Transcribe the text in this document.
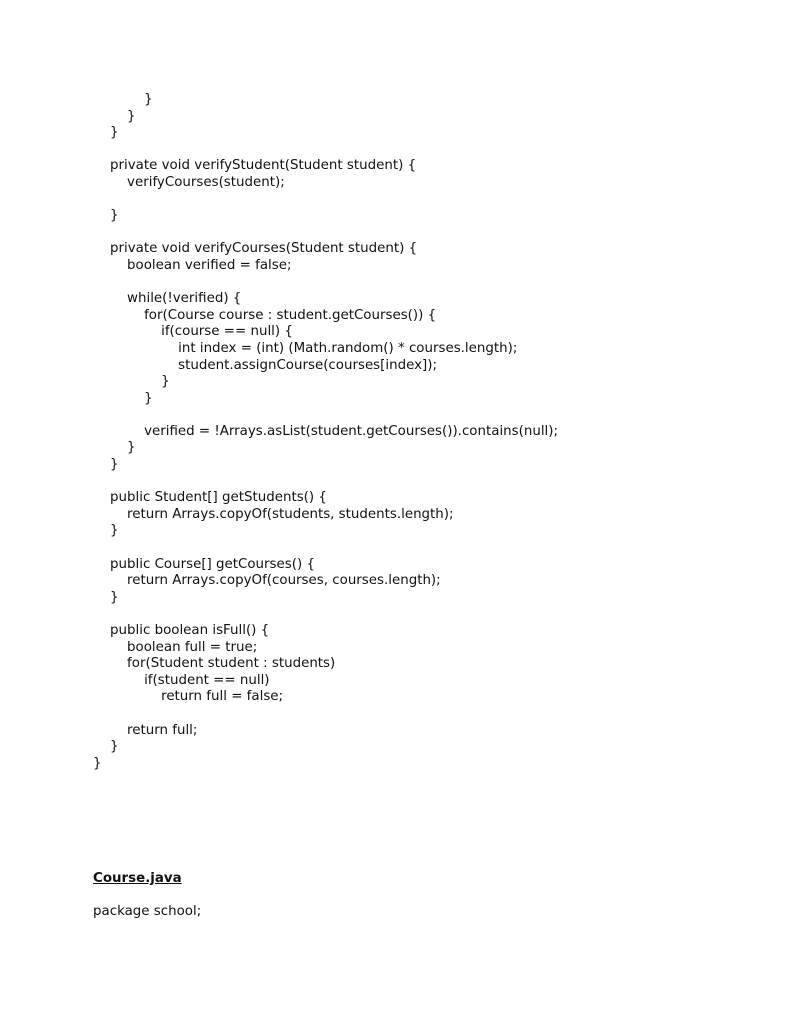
}
}
}
private void verifyStudent(Student student) {
verifyCourses(student);
}
private void verifyCourses(Student student) {
boolean verified = false;
while(!verified) {
for(Course course : student.getCourses()) {
if(course == null) {
int index = (int) (Math.random() * courses.length);
student.assignCourse(courses[index]);
}
}
verified = !Arrays.asList(student.getCourses()).contains(null);
}
}
public Student[] getStudents() {
return Arrays.copyOf(students, students.length);
}
public Course[] getCourses() {
return Arrays.copyOf(courses, courses.length);
}
public boolean isFull() {
boolean full = true;
for(Student student : students)
if(student == null)
return full = false;
return full;
}
}
Course.java
package school;
